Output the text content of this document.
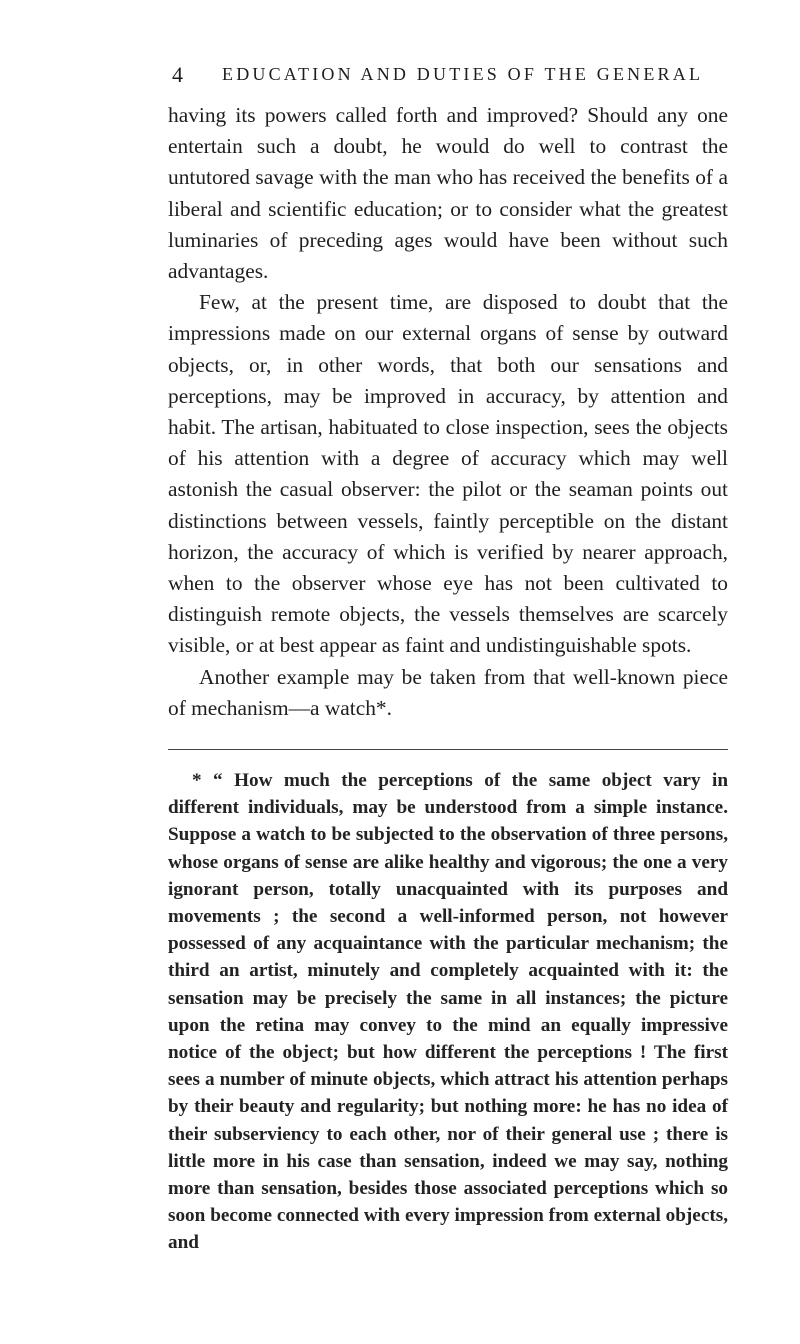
4 EDUCATION AND DUTIES OF THE GENERAL

having its powers called forth and improved? Should any one entertain such a doubt, he would do well to contrast the untutored savage with the man who has received the benefits of a liberal and scientific education; or to consider what the greatest luminaries of preceding ages would have been without such advantages.

Few, at the present time, are disposed to doubt that the impressions made on our external organs of sense by outward objects, or, in other words, that both our sensations and perceptions, may be improved in accuracy, by attention and habit. The artisan, habituated to close inspection, sees the objects of his attention with a degree of accuracy which may well astonish the casual observer: the pilot or the seaman points out distinctions between vessels, faintly perceptible on the distant horizon, the accuracy of which is verified by nearer approach, when to the observer whose eye has not been cultivated to distinguish remote objects, the vessels themselves are scarcely visible, or at best appear as faint and undistinguishable spots.

Another example may be taken from that well-known piece of mechanism—a watch*.

* “ How much the perceptions of the same object vary in different individuals, may be understood from a simple instance. Suppose a watch to be subjected to the observation of three persons, whose organs of sense are alike healthy and vigorous; the one a very ignorant person, totally unacquainted with its purposes and movements ; the second a well-informed person, not however possessed of any acquaintance with the particular mechanism; the third an artist, minutely and completely acquainted with it: the sensation may be precisely the same in all instances; the picture upon the retina may convey to the mind an equally impressive notice of the object; but how different the perceptions ! The first sees a number of minute objects, which attract his attention perhaps by their beauty and regularity; but nothing more: he has no idea of their subserviency to each other, nor of their general use ; there is little more in his case than sensation, indeed we may say, nothing more than sensation, besides those associated perceptions which so soon become connected with every impression from external objects, and
